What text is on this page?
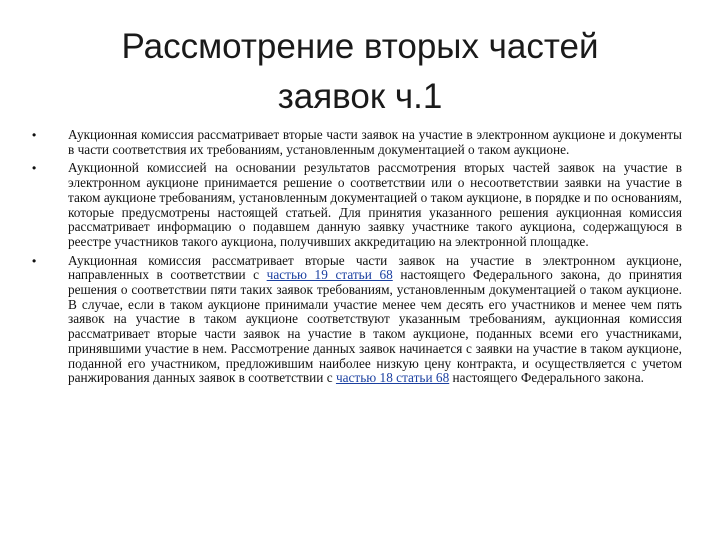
Рассмотрение вторых частей
заявок ч.1
• Аукционная комиссия рассматривает вторые части заявок на участие в электронном аукционе и документы в части соответствия их требованиям, установленным документацией о таком аукционе.
• Аукционной комиссией на основании результатов рассмотрения вторых частей заявок на участие в электронном аукционе принимается решение о соответствии или о несоответствии заявки на участие в таком аукционе требованиям, установленным документацией о таком аукционе, в порядке и по основаниям, которые предусмотрены настоящей статьей. Для принятия указанного решения аукционная комиссия рассматривает информацию о подавшем данную заявку участнике такого аукциона, содержащуюся в реестре участников такого аукциона, получивших аккредитацию на электронной площадке.
• Аукционная комиссия рассматривает вторые части заявок на участие в электронном аукционе, направленных в соответствии с частью 19 статьи 68 настоящего Федерального закона, до принятия решения о соответствии пяти таких заявок требованиям, установленным документацией о таком аукционе. В случае, если в таком аукционе принимали участие менее чем десять его участников и менее чем пять заявок на участие в таком аукционе соответствуют указанным требованиям, аукционная комиссия рассматривает вторые части заявок на участие в таком аукционе, поданных всеми его участниками, принявшими участие в нем. Рассмотрение данных заявок начинается с заявки на участие в таком аукционе, поданной его участником, предложившим наиболее низкую цену контракта, и осуществляется с учетом ранжирования данных заявок в соответствии с частью 18 статьи 68 настоящего Федерального закона.
